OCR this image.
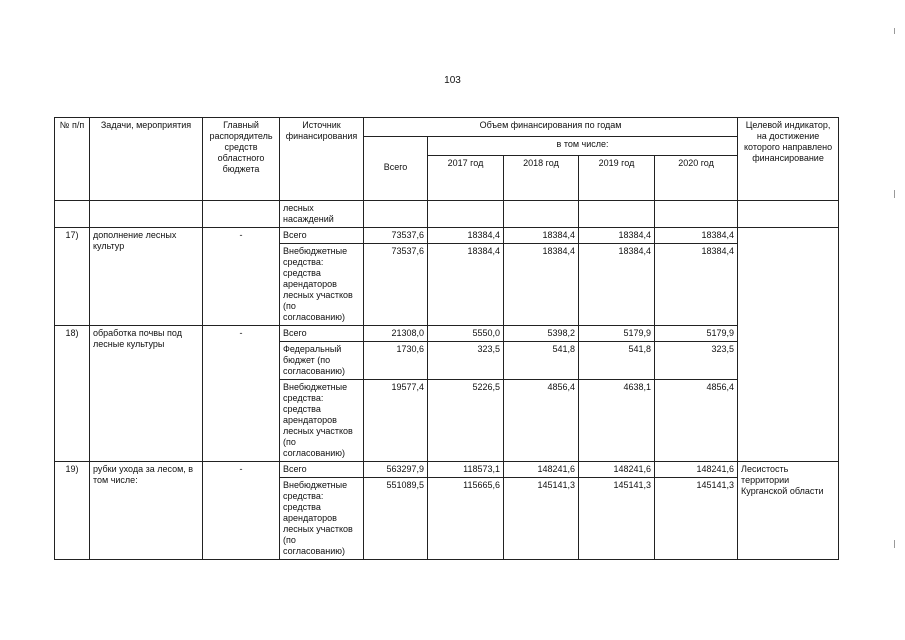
103
№ п/п	Задачи, мероприятия	Главный распорядитель средств областного бюджета	Источник финансирования	Объем финансирования по годам					Целевой индикатор, на достижение которого направлено финансирование
				Всего	в том числе:				
					2017 год	2018 год	2019 год	2020 год	
			лесных насаждений						
17)	дополнение лесных культур	-	Всего	73537,6	18384,4	18384,4	18384,4	18384,4	
			Внебюджетные средства: средства арендаторов лесных участков (по согласованию)	73537,6	18384,4	18384,4	18384,4	18384,4	
18)	обработка почвы под лесные культуры	-	Всего	21308,0	5550,0	5398,2	5179,9	5179,9	
			Федеральный бюджет (по согласованию)	1730,6	323,5	541,8	541,8	323,5	
			Внебюджетные средства: средства арендаторов лесных участков (по согласованию)	19577,4	5226,5	4856,4	4638,1	4856,4	
19)	рубки ухода за лесом, в том числе:	-	Всего	563297,9	118573,1	148241,6	148241,6	148241,6	Лесистость территории Курганской области
			Внебюджетные средства: средства арендаторов лесных участков (по согласованию)	551089,5	115665,6	145141,3	145141,3	145141,3	
